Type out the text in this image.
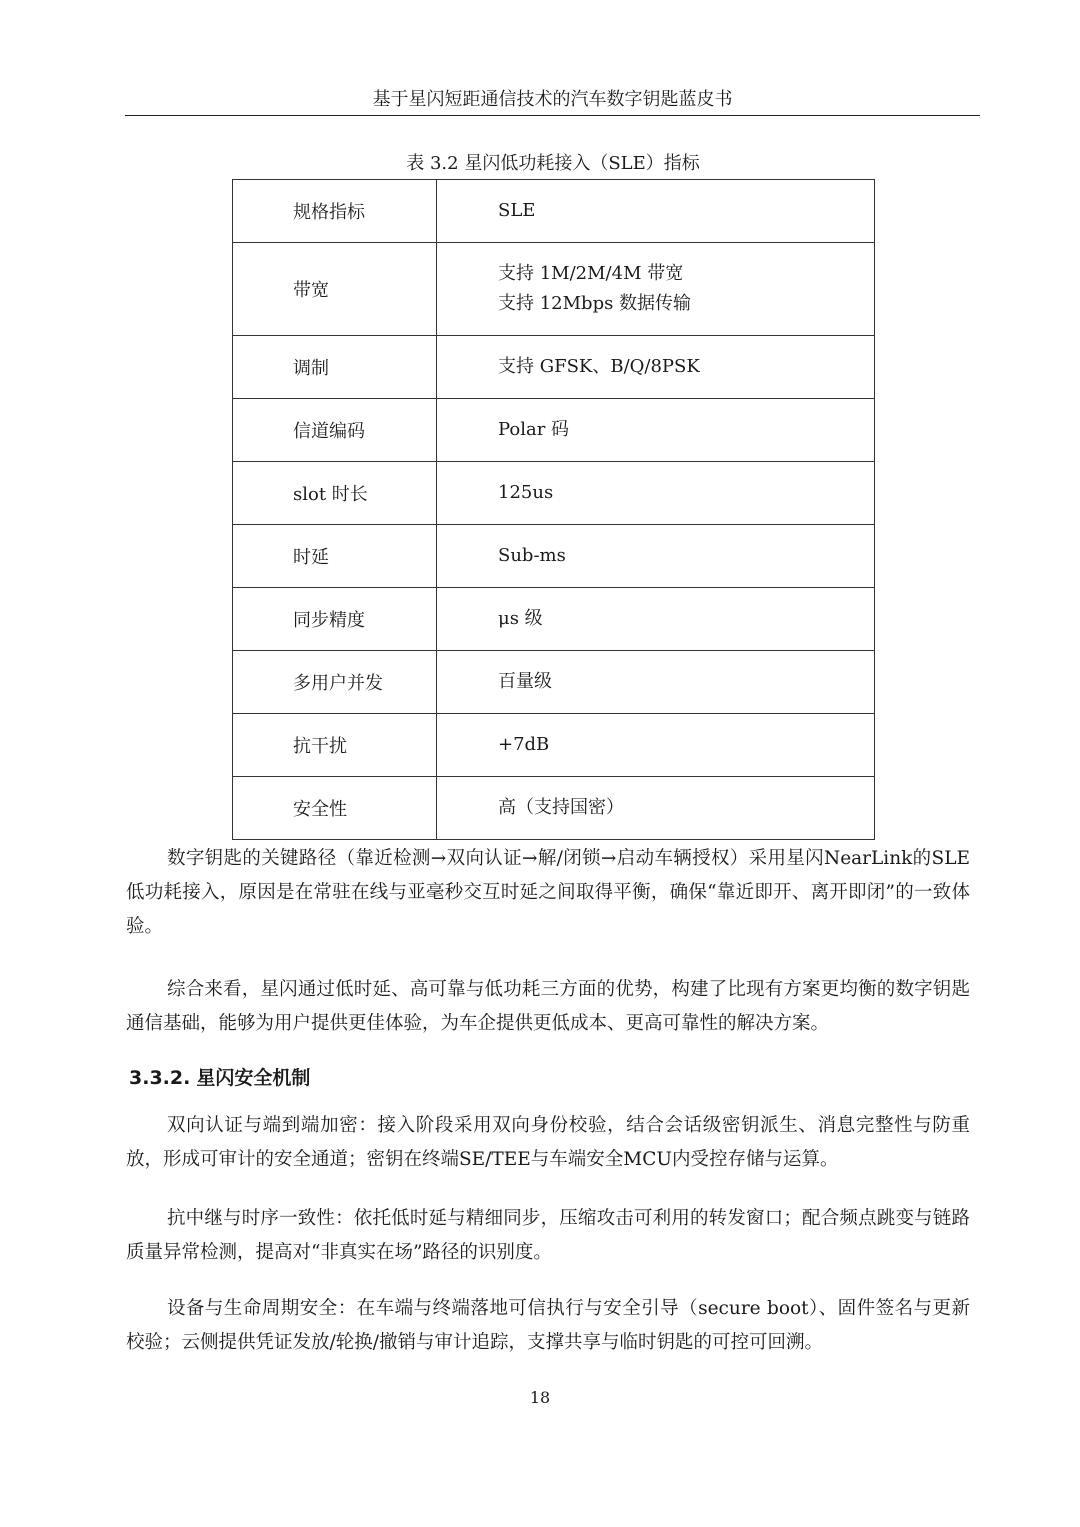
基于星闪短距通信技术的汽车数字钥匙蓝皮书
表 3.2 星闪低功耗接入（SLE）指标
规格指标	SLE

带宽	支持 1M/2M/4M 带宽
支持 12Mbps 数据传输

调制	支持 GFSK、B/Q/8PSK

信道编码	Polar 码

slot 时长	125us

时延	Sub-ms

同步精度	μs 级

多用户并发	百量级

抗干扰	+7dB

安全性	高（支持国密）

数字钥匙的关键路径（靠近检测→双向认证→解/闭锁→启动车辆授权）采用星闪NearLink的SLE低功耗接入，原因是在常驻在线与亚毫秒交互时延之间取得平衡，确保“靠近即开、离开即闭”的一致体验。

综合来看，星闪通过低时延、高可靠与低功耗三方面的优势，构建了比现有方案更均衡的数字钥匙通信基础，能够为用户提供更佳体验，为车企提供更低成本、更高可靠性的解决方案。

3.3.2. 星闪安全机制

双向认证与端到端加密：接入阶段采用双向身份校验，结合会话级密钥派生、消息完整性与防重放，形成可审计的安全通道；密钥在终端SE/TEE与车端安全MCU内受控存储与运算。

抗中继与时序一致性：依托低时延与精细同步，压缩攻击可利用的转发窗口；配合频点跳变与链路质量异常检测，提高对“非真实在场”路径的识别度。

设备与生命周期安全：在车端与终端落地可信执行与安全引导（secure boot）、固件签名与更新校验；云侧提供凭证发放/轮换/撤销与审计追踪，支撑共享与临时钥匙的可控可回溯。

18
